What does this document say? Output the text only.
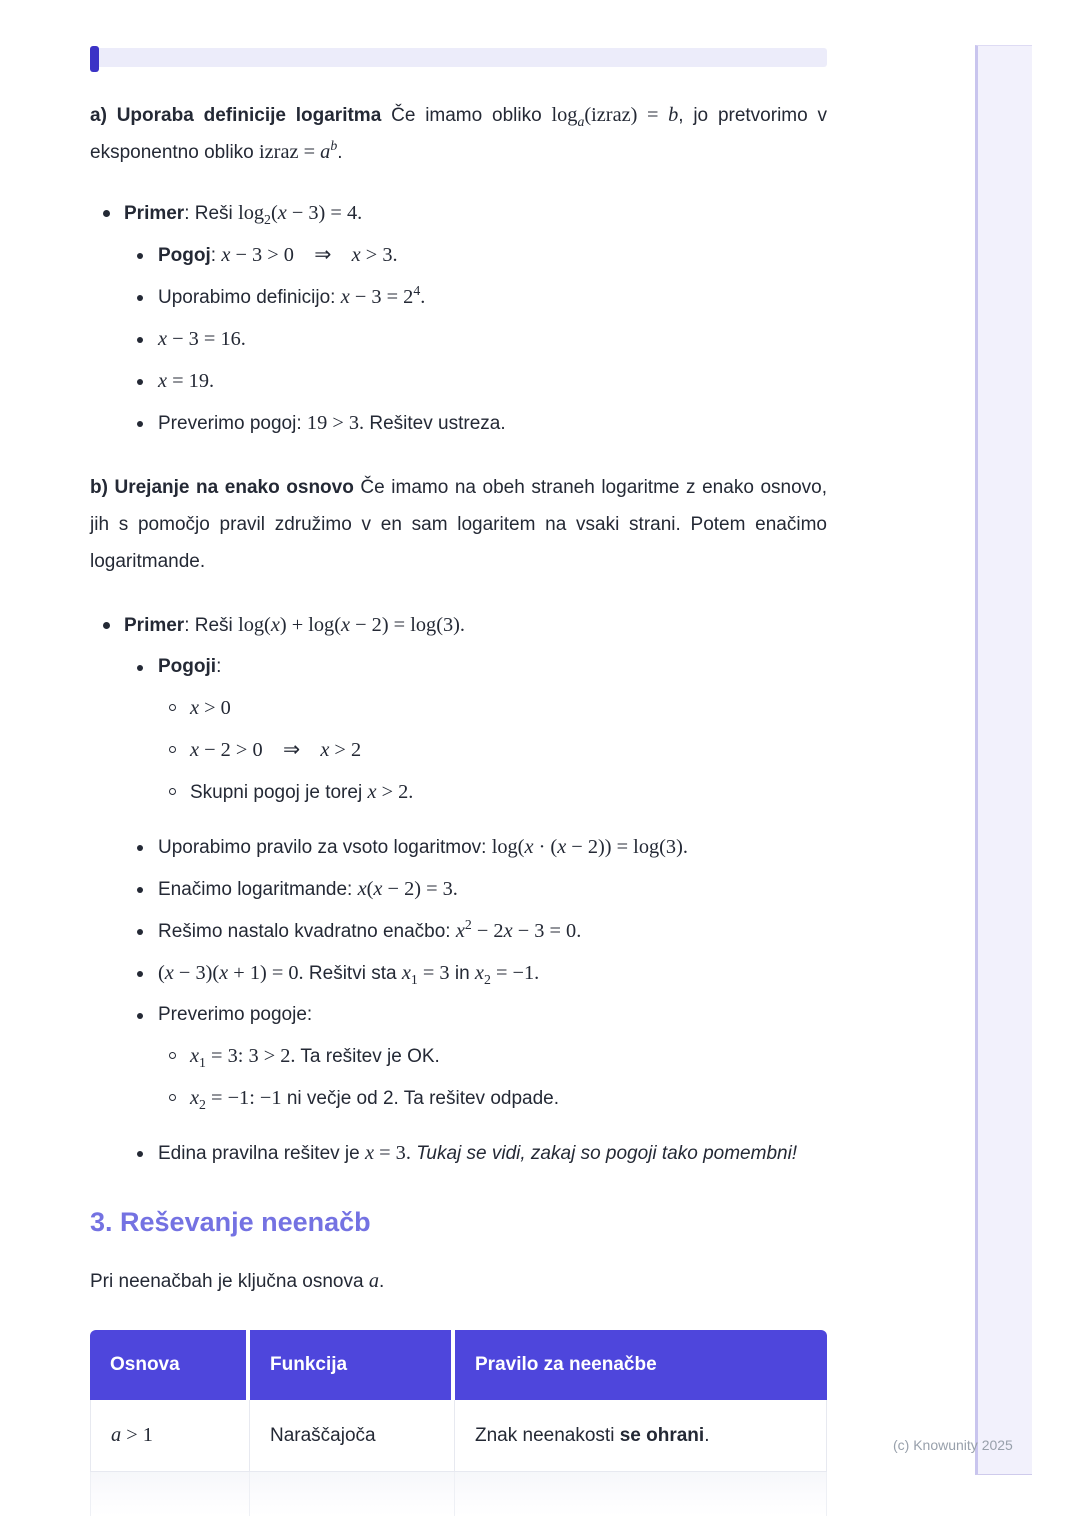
a) Uporaba definicije logaritma Če imamo obliko $\log_a(izraz) = b$, jo pretvorimo v eksponentno obliko izraz = $a^b$.

Primer: Reši $\log_2(x - 3) = 4$.
Pogoj: x − 3 > 0 ⇒ x > 3.
Uporabimo definicijo: $x - 3 = 2^4$.
x − 3 = 16.
x = 19.
Preverimo pogoj: 19 > 3. Rešitev ustreza.

b) Urejanje na enako osnovo Če imamo na obeh straneh logaritme z enako osnovo, jih s pomočjo pravil združimo v en sam logaritem na vsaki strani. Potem enačimo logaritmande.

Primer: Reši log(x) + log(x − 2) = log(3).
Pogoji:
x > 0
x − 2 > 0 ⇒ x > 2
Skupni pogoj je torej x > 2.
Uporabimo pravilo za vsoto logaritmov: log(x · (x − 2)) = log(3).
Enačimo logaritmande: x(x − 2) = 3.
Rešimo nastalo kvadratno enačbo: $x^2 - 2x - 3 = 0$.
(x − 3)(x + 1) = 0. Rešitvi sta $x_1 = 3$ in $x_2 = -1$.
Preverimo pogoje:
$x_1 = 3$: 3 > 2. Ta rešitev je OK.
$x_2 = -1$: −1 ni večje od 2. Ta rešitev odpade.
Edina pravilna rešitev je x = 3. Tukaj se vidi, zakaj so pogoji tako pomembni!
3. Reševanje neenačb

Pri neenačbah je ključna osnova a.

Osnova	Funkcija	Pravilo za neenačbe
a > 1	Naraščajoča	Znak neenakosti se ohrani.
			(c) Knowunity 2025
